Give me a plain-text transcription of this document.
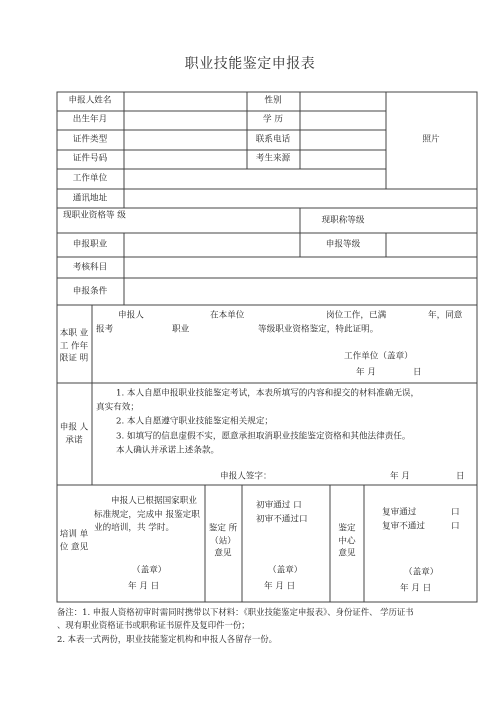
职业技能鉴定申报表
申报人姓名	性别
出生年月	学 历
证件类型	联系电话
证件号码	考生来源
照片
工作单位
通讯地址
现职业资格等 级	现职称等级
申报职业	申报等级
考核科目
申报条件
本职 业工 作年限证 明
申报人	在本单位	岗位工作，已满	年，同意
报考	职业	等级职业资格鉴定，特此证明。
工作单位（盖章）
年 月	日
申报 人 承诺
1. 本人自愿申报职业技能鉴定考试，本表所填写的内容和提交的材料准确无误，
真实有效；
2. 本人自愿遵守职业技能鉴定相关规定；
3. 如填写的信息虚假不实，愿意承担取消职业技能鉴定资格和其他法律责任。
本人确认并承诺上述条款。
申报人签字：	年 月	日
培训 单位 意见
申报人已根据国家职业标准规定，完成申 报鉴定职业的培训，共 学时。
（盖章）
年 月 日
鉴定 所（站） 意见
初审通过 口
初审不通过口
（盖章）
年 月 日
鉴定 中心 意见
复审通过	口
复审不通过	口
（盖章）
年 月 日
备注：1. 申报人资格初审时需同时携带以下材料：《职业技能鉴定申报表》、身份证件、 学历证书
、现有职业资格证书或职称证书原件及复印件一份；
2. 本表一式两份，职业技能鉴定机构和申报人各留存一份。
